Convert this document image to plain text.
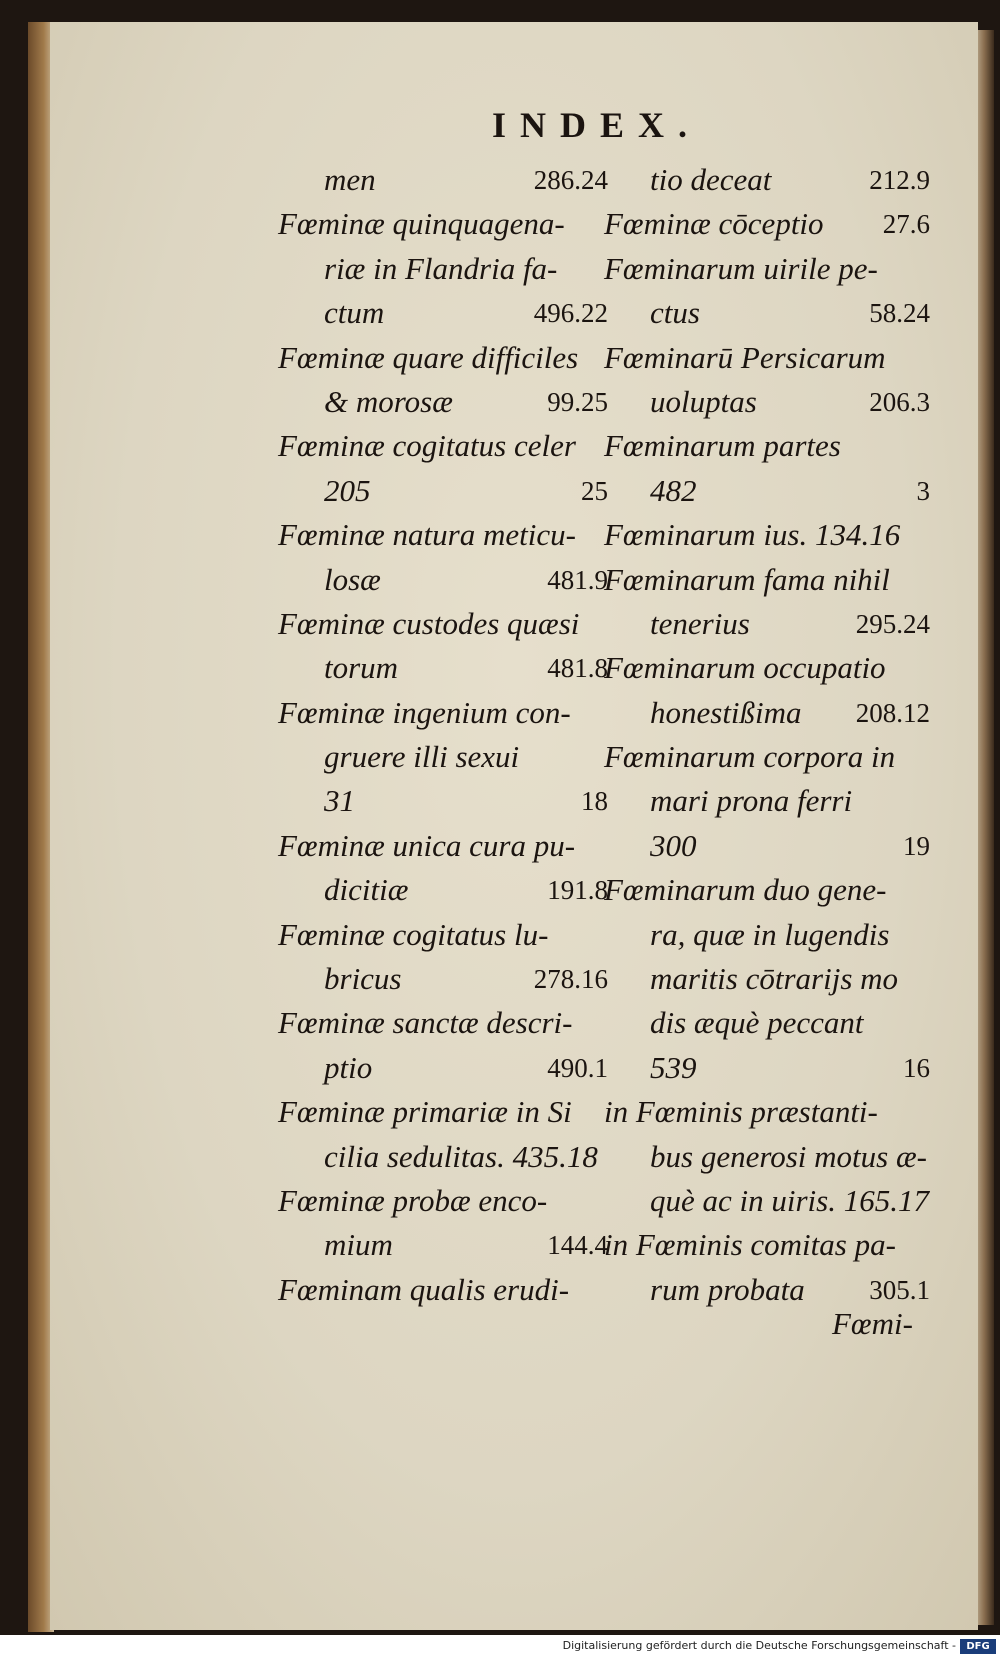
INDEX.
men	286.24
Fœminæ quinquagena-
riæ in Flandria fa-
ctum	496.22
Fœminæ quare difficiles
& morosæ	99.25
Fœminæ cogitatus celer
205	25
Fœminæ natura meticu-
losæ	481.9
Fœminæ custodes quæsi
torum	481.8
Fœminæ ingenium con-
gruere illi sexui
31	18
Fœminæ unica cura pu-
dicitiæ	191.8
Fœminæ cogitatus lu-
bricus	278.16
Fœminæ sanctæ descri-
ptio	490.1
Fœminæ primariæ in Si
cilia sedulitas. 435.18
Fœminæ probæ enco-
mium	144.4
Fœminam qualis erudi-
tio deceat	212.9
Fœminæ cōceptio 27.6
Fœminarum uirile pe-
ctus	58.24
Fœminarū Persicarum
uoluptas	206.3
Fœminarum partes
482	3
Fœminarum ius. 134.16
Fœminarum fama nihil
tenerius	295.24
Fœminarum occupatio
honestißima 208.12
Fœminarum corpora in
mari prona ferri
300	19
Fœminarum duo gene-
ra, quæ in lugendis
maritis cōtrarijs mo
dis æquè peccant
539	16
in Fœminis præstanti-
bus generosi motus æ-
què ac in uiris. 165.17
in Fœminis comitas pa-
rum probata 305.1
Fœmi-
Digitalisierung gefördert durch die Deutsche Forschungsgemeinschaft -	DFG
